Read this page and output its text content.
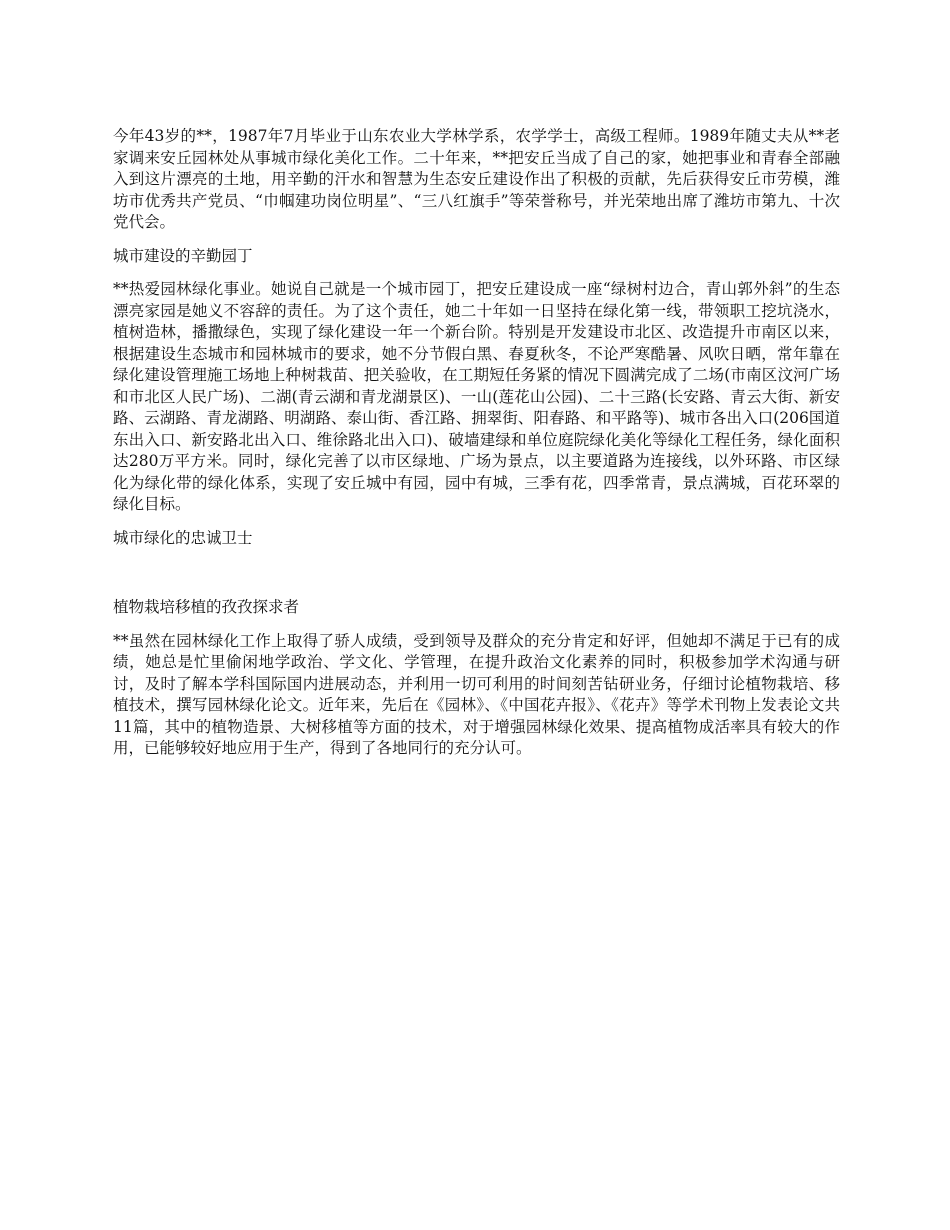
今年43岁的**，1987年7月毕业于山东农业大学林学系，农学学士，高级工程师。1989年随丈夫从**老家调来安丘园林处从事城市绿化美化工作。二十年来，**把安丘当成了自己的家，她把事业和青春全部融入到这片漂亮的土地，用辛勤的汗水和智慧为生态安丘建设作出了积极的贡献，先后获得安丘市劳模，潍坊市优秀共产党员、“巾帼建功岗位明星”、“三八红旗手”等荣誉称号，并光荣地出席了潍坊市第九、十次党代会。

城市建设的辛勤园丁

**热爱园林绿化事业。她说自己就是一个城市园丁，把安丘建设成一座“绿树村边合，青山郭外斜”的生态漂亮家园是她义不容辞的责任。为了这个责任，她二十年如一日坚持在绿化第一线，带领职工挖坑浇水，植树造林，播撒绿色，实现了绿化建设一年一个新台阶。特别是开发建设市北区、改造提升市南区以来，根据建设生态城市和园林城市的要求，她不分节假白黑、春夏秋冬，不论严寒酷暑、风吹日晒，常年靠在绿化建设管理施工场地上种树栽苗、把关验收，在工期短任务紧的情况下圆满完成了二场(市南区汶河广场和市北区人民广场)、二湖(青云湖和青龙湖景区)、一山(莲花山公园)、二十三路(长安路、青云大街、新安路、云湖路、青龙湖路、明湖路、泰山街、香江路、拥翠街、阳春路、和平路等)、城市各出入口(206国道东出入口、新安路北出入口、维徐路北出入口)、破墙建绿和单位庭院绿化美化等绿化工程任务，绿化面积达280万平方米。同时，绿化完善了以市区绿地、广场为景点，以主要道路为连接线，以外环路、市区绿化为绿化带的绿化体系，实现了安丘城中有园，园中有城，三季有花，四季常青，景点满城，百花环翠的绿化目标。

城市绿化的忠诚卫士

植物栽培移植的孜孜探求者

**虽然在园林绿化工作上取得了骄人成绩，受到领导及群众的充分肯定和好评，但她却不满足于已有的成绩，她总是忙里偷闲地学政治、学文化、学管理，在提升政治文化素养的同时，积极参加学术沟通与研讨，及时了解本学科国际国内进展动态，并利用一切可利用的时间刻苦钻研业务，仔细讨论植物栽培、移植技术，撰写园林绿化论文。近年来，先后在《园林》、《中国花卉报》、《花卉》等学术刊物上发表论文共11篇，其中的植物造景、大树移植等方面的技术，对于增强园林绿化效果、提高植物成活率具有较大的作用，已能够较好地应用于生产，得到了各地同行的充分认可。
